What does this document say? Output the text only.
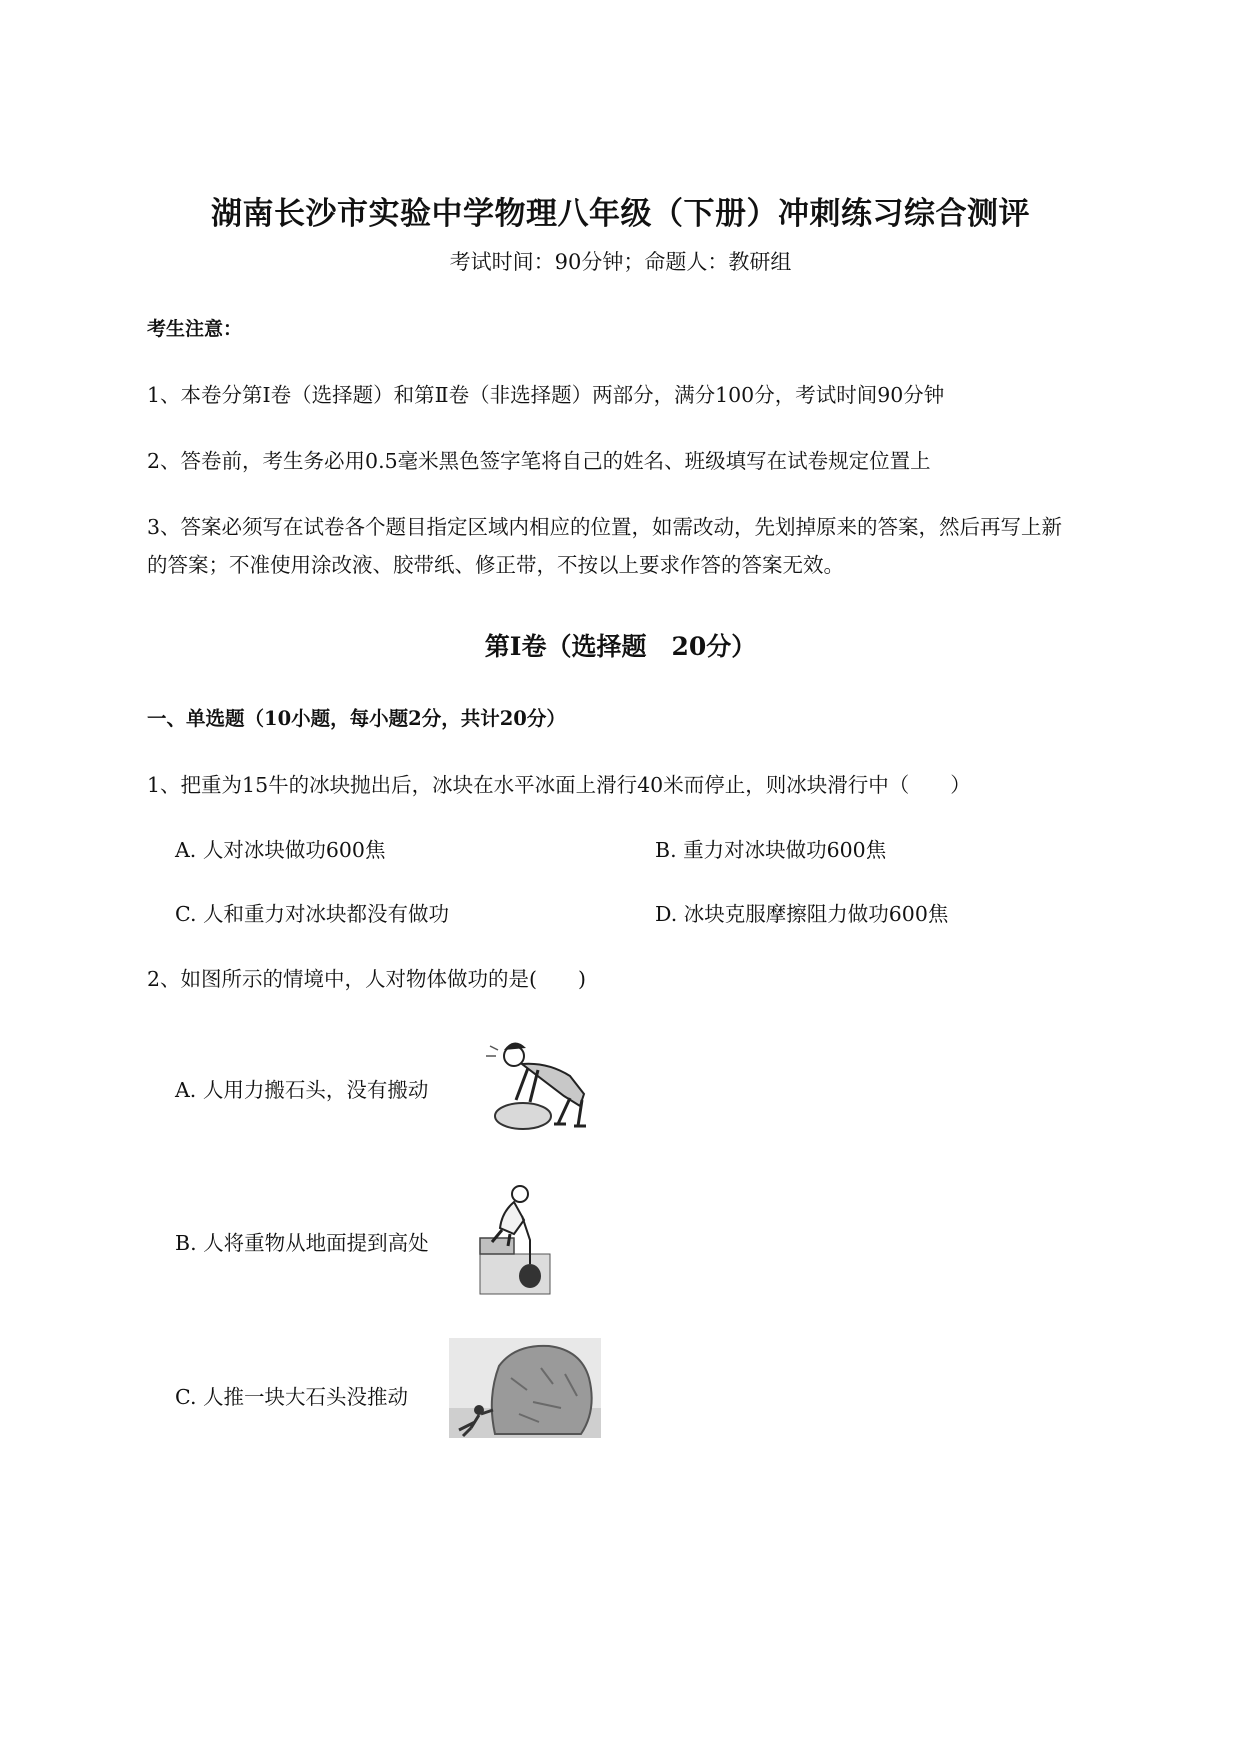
湖南长沙市实验中学物理八年级（下册）冲刺练习综合测评
考试时间：90分钟；命题人：教研组
考生注意：
1、本卷分第I卷（选择题）和第Ⅱ卷（非选择题）两部分，满分100分，考试时间90分钟
2、答卷前，考生务必用0.5毫米黑色签字笔将自己的姓名、班级填写在试卷规定位置上
3、答案必须写在试卷各个题目指定区域内相应的位置，如需改动，先划掉原来的答案，然后再写上新
的答案；不准使用涂改液、胶带纸、修正带，不按以上要求作答的答案无效。
第I卷（选择题　20分）
一、单选题（10小题，每小题2分，共计20分）
1、把重为15牛的冰块抛出后，冰块在水平冰面上滑行40米而停止，则冰块滑行中（　　）
A. 人对冰块做功600焦	B. 重力对冰块做功600焦
C. 人和重力对冰块都没有做功	D. 冰块克服摩擦阻力做功600焦
2、如图所示的情境中，人对物体做功的是(　　)
A. 人用力搬石头，没有搬动
B. 人将重物从地面提到高处
C. 人推一块大石头没推动
